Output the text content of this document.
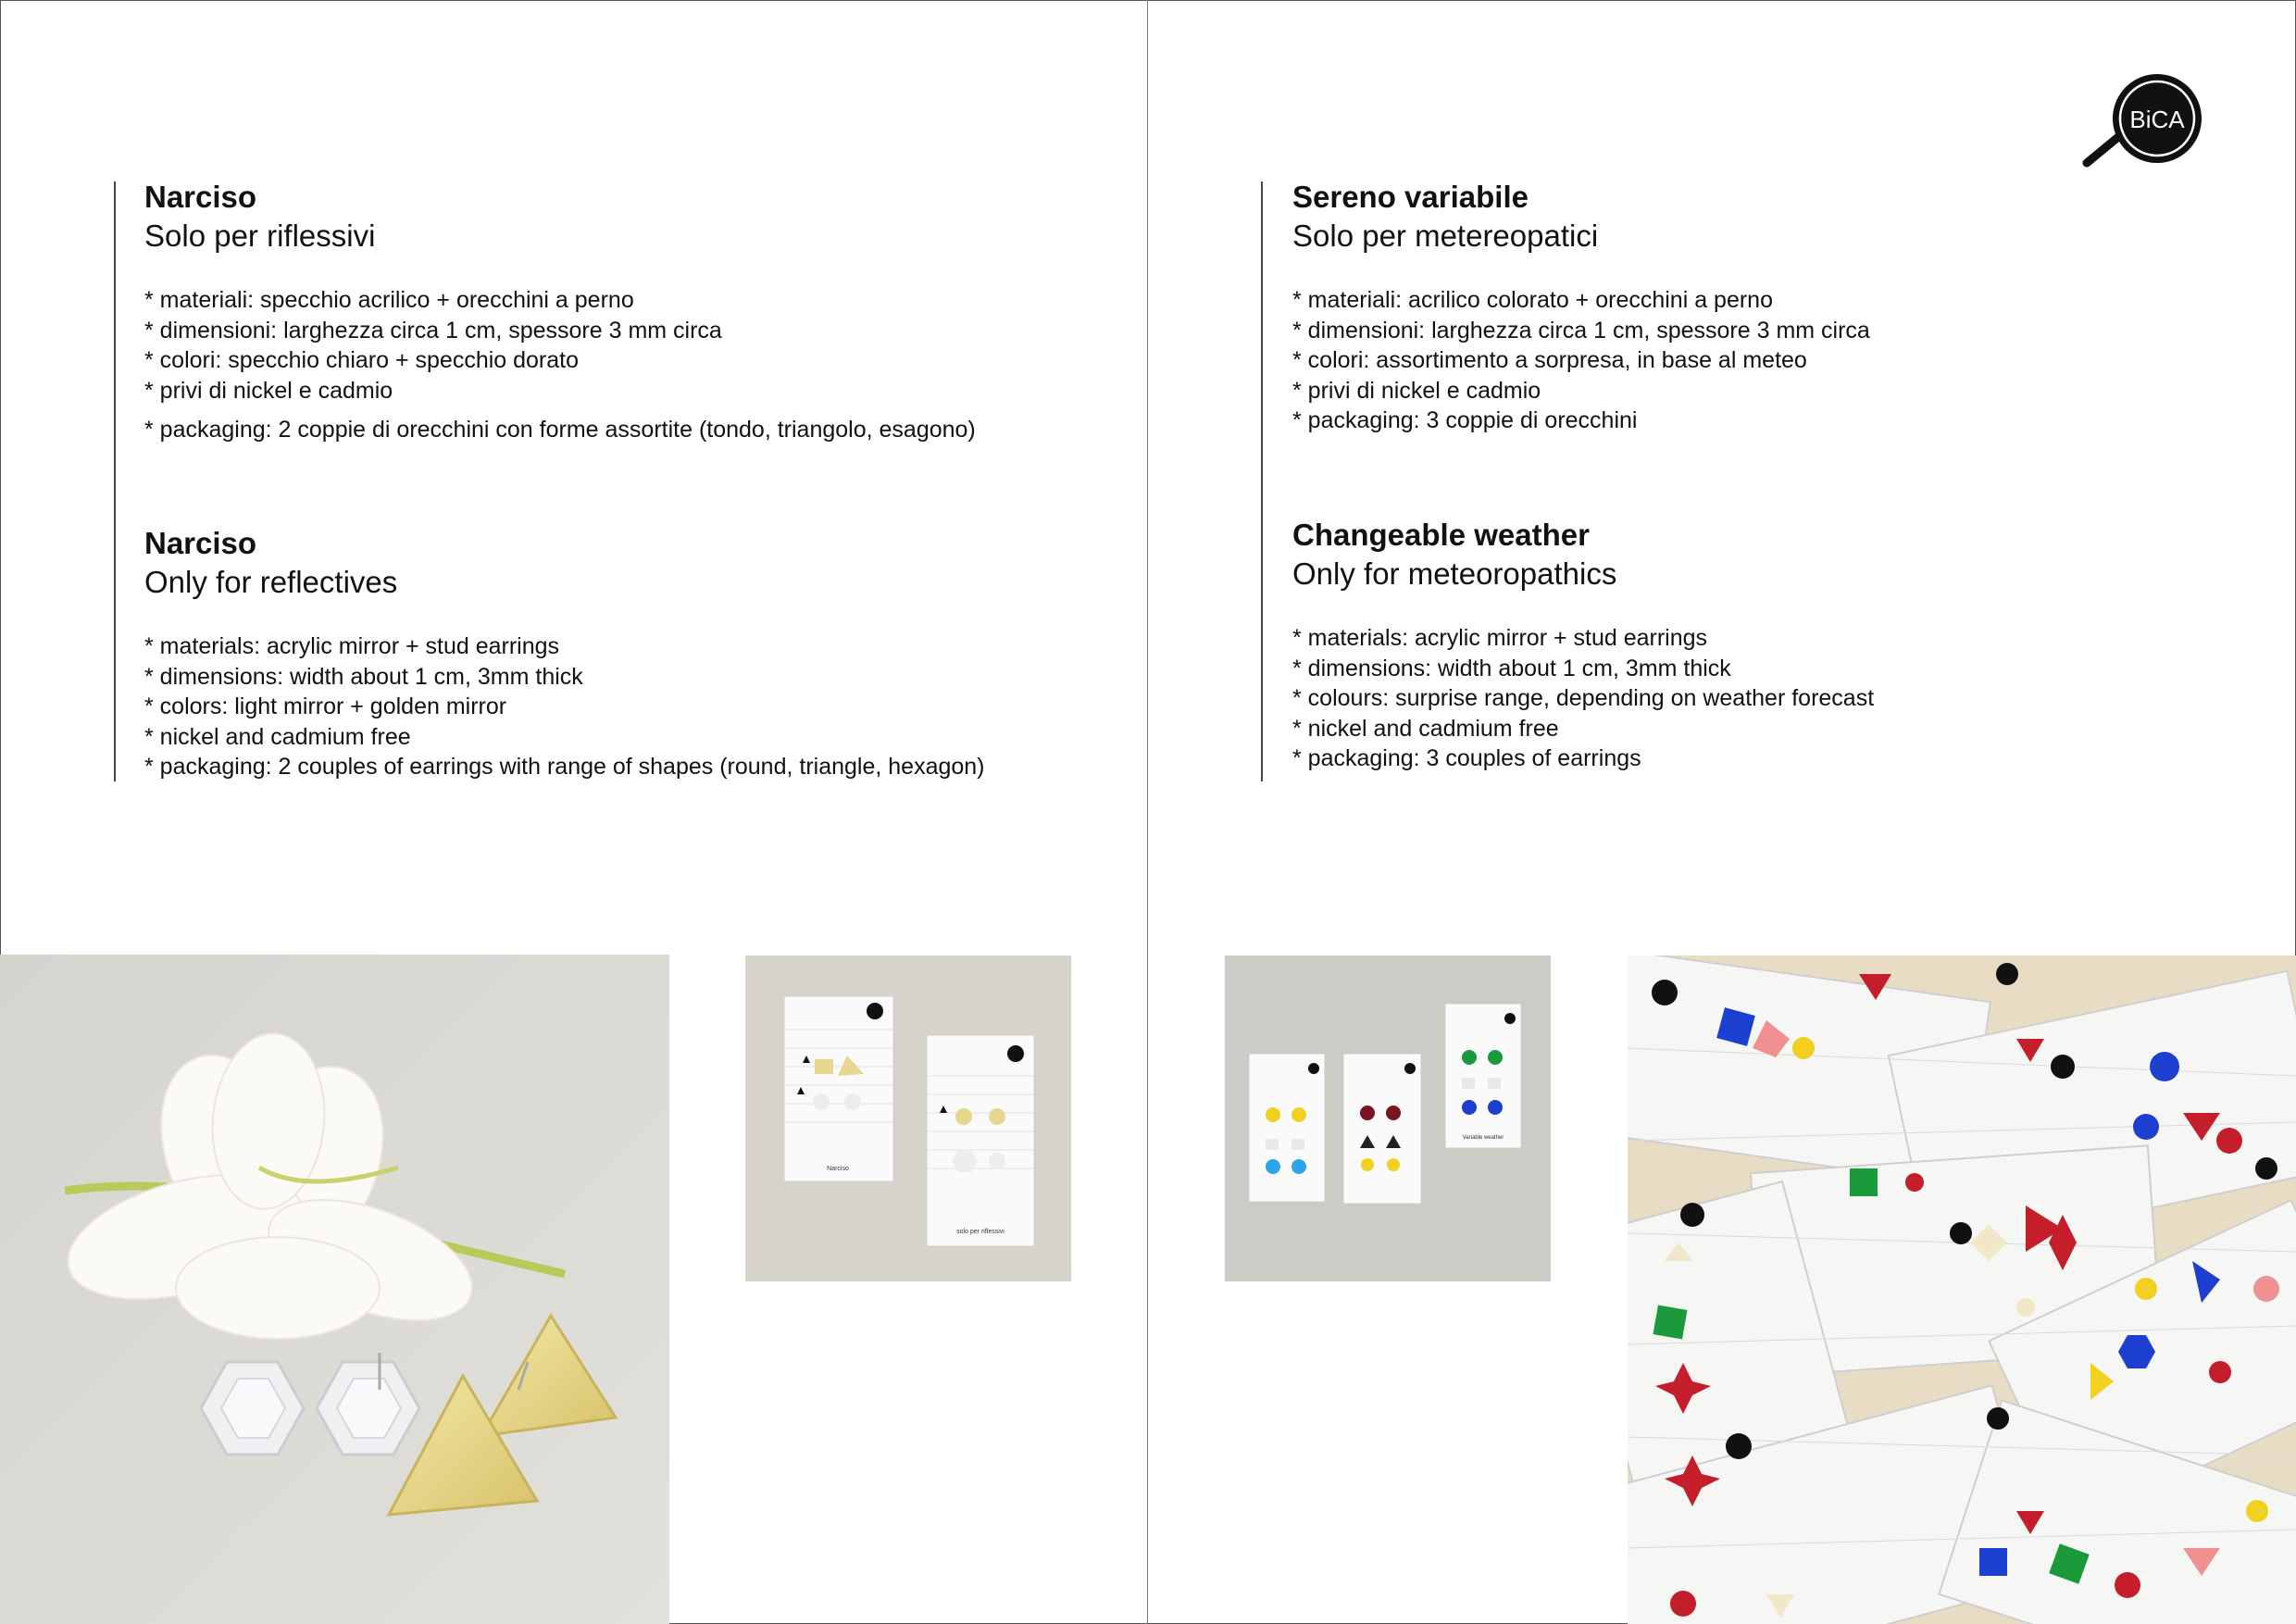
BiCA
Narciso
Solo per riflessivi
* materiali: specchio acrilico + orecchini a perno
* dimensioni: larghezza circa 1 cm, spessore 3 mm circa
* colori: specchio chiaro + specchio dorato
* privi di nickel e cadmio
* packaging: 2 coppie di orecchini con forme assortite (tondo, triangolo, esagono)
Narciso
Only for reflectives
* materials: acrylic mirror + stud earrings
* dimensions: width about 1 cm, 3mm thick
* colors: light mirror + golden mirror
* nickel and cadmium free
* packaging: 2 couples of earrings with range of shapes (round, triangle, hexagon)
Sereno variabile
Solo per metereopatici
* materiali: acrilico colorato + orecchini a perno
* dimensioni: larghezza circa 1 cm, spessore 3 mm circa
* colori: assortimento a sorpresa, in base al meteo
* privi di nickel e cadmio
* packaging: 3 coppie di orecchini
Changeable weather
Only for meteoropathics
* materials: acrylic mirror + stud earrings
* dimensions: width about 1 cm, 3mm thick
* colours: surprise range, depending on weather forecast
* nickel and cadmium free
* packaging: 3 couples of earrings
Narciso
solo per riflessivi
Variable weather
